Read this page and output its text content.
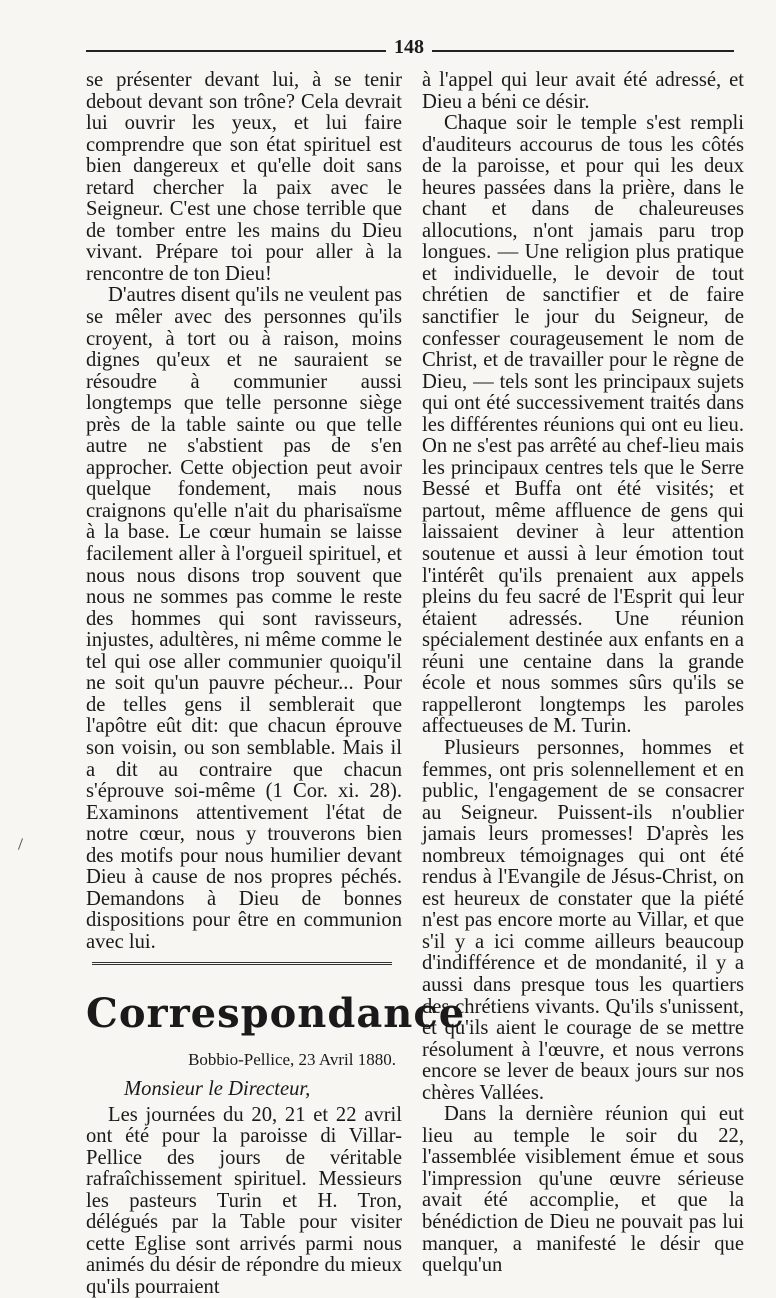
148

se présenter devant lui, à se tenir debout devant son trône? Cela devrait lui ouvrir les yeux, et lui faire comprendre que son état spirituel est bien dangereux et qu'elle doit sans retard chercher la paix avec le Seigneur. C'est une chose terrible que de tomber entre les mains du Dieu vivant. Prépare toi pour aller à la rencontre de ton Dieu!

D'autres disent qu'ils ne veulent pas se mêler avec des personnes qu'ils croyent, à tort ou à raison, moins dignes qu'eux et ne sauraient se résoudre à communier aussi longtemps que telle personne siège près de la table sainte ou que telle autre ne s'abstient pas de s'en approcher. Cette objection peut avoir quelque fondement, mais nous craignons qu'elle n'ait du pharisaïsme à la base. Le cœur humain se laisse facilement aller à l'orgueil spirituel, et nous nous disons trop souvent que nous ne sommes pas comme le reste des hommes qui sont ravisseurs, injustes, adultères, ni même comme le tel qui ose aller communier quoiqu'il ne soit qu'un pauvre pécheur... Pour de telles gens il semblerait que l'apôtre eût dit: que chacun éprouve son voisin, ou son semblable. Mais il a dit au contraire que chacun s'éprouve soi-même (1 Cor. xi. 28). Examinons attentivement l'état de notre cœur, nous y trouverons bien des motifs pour nous humilier devant Dieu à cause de nos propres péchés. Demandons à Dieu de bonnes dispositions pour être en communion avec lui.

Correspondance
Bobbio-Pellice, 23 Avril 1880.
Monsieur le Directeur,

Les journées du 20, 21 et 22 avril ont été pour la paroisse di Villar-Pellice des jours de véritable rafraîchissement spirituel. Messieurs les pasteurs Turin et H. Tron, délégués par la Table pour visiter cette Eglise sont arrivés parmi nous animés du désir de répondre du mieux qu'ils pourraient

à l'appel qui leur avait été adressé, et Dieu a béni ce désir.

Chaque soir le temple s'est rempli d'auditeurs accourus de tous les côtés de la paroisse, et pour qui les deux heures passées dans la prière, dans le chant et dans de chaleureuses allocutions, n'ont jamais paru trop longues. — Une religion plus pratique et individuelle, le devoir de tout chrétien de sanctifier et de faire sanctifier le jour du Seigneur, de confesser courageusement le nom de Christ, et de travailler pour le règne de Dieu, — tels sont les principaux sujets qui ont été successivement traités dans les différentes réunions qui ont eu lieu. On ne s'est pas arrêté au chef-lieu mais les principaux centres tels que le Serre Bessé et Buffa ont été visités; et partout, même affluence de gens qui laissaient deviner à leur attention soutenue et aussi à leur émotion tout l'intérêt qu'ils prenaient aux appels pleins du feu sacré de l'Esprit qui leur étaient adressés. Une réunion spécialement destinée aux enfants en a réuni une centaine dans la grande école et nous sommes sûrs qu'ils se rappelleront longtemps les paroles affectueuses de M. Turin.

Plusieurs personnes, hommes et femmes, ont pris solennellement et en public, l'engagement de se consacrer au Seigneur. Puissent-ils n'oublier jamais leurs promesses! D'après les nombreux témoignages qui ont été rendus à l'Evangile de Jésus-Christ, on est heureux de constater que la piété n'est pas encore morte au Villar, et que s'il y a ici comme ailleurs beaucoup d'indifférence et de mondanité, il y a aussi dans presque tous les quartiers des chrétiens vivants. Qu'ils s'unissent, et qu'ils aient le courage de se mettre résolument à l'œuvre, et nous verrons encore se lever de beaux jours sur nos chères Vallées.

Dans la dernière réunion qui eut lieu au temple le soir du 22, l'assemblée visiblement émue et sous l'impression qu'une œuvre sérieuse avait été accomplie, et que la bénédiction de Dieu ne pouvait pas lui manquer, a manifesté le désir que quelqu'un
